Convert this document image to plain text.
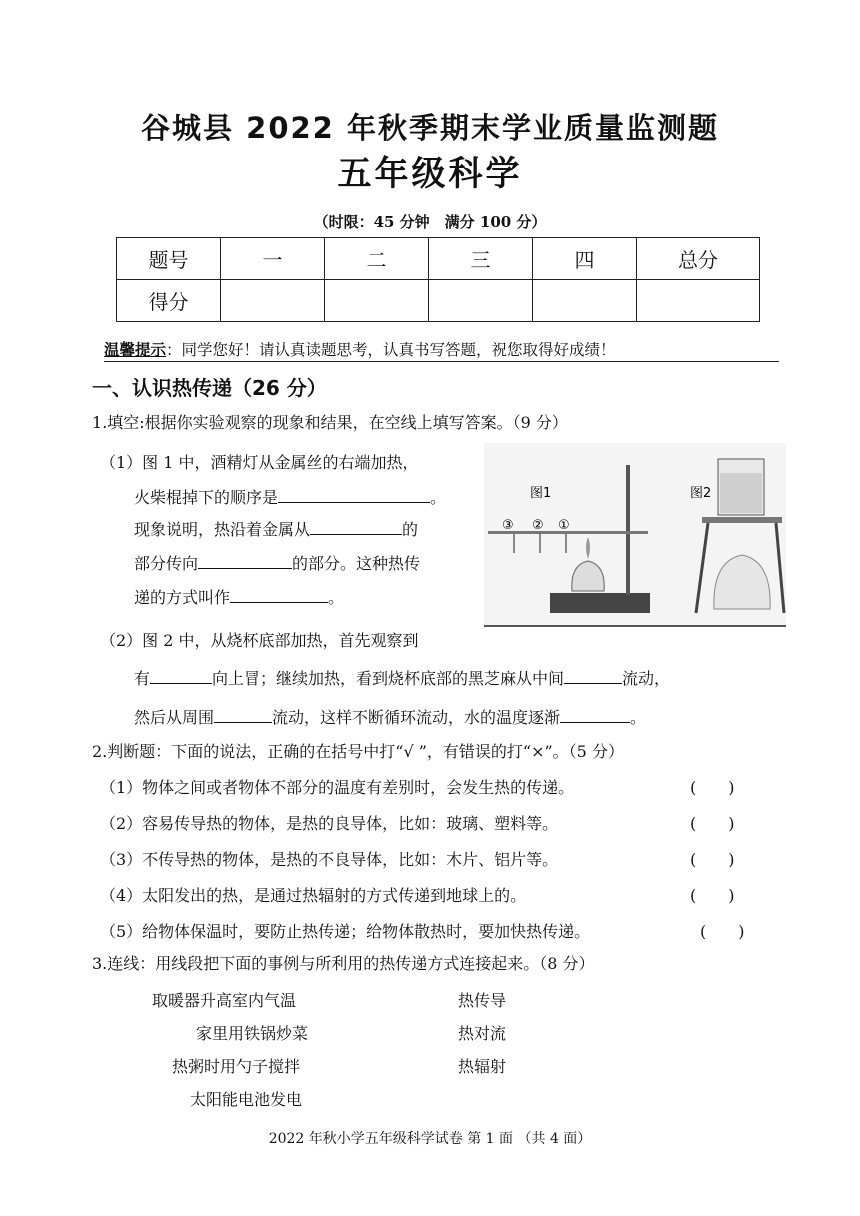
谷城县 2022 年秋季期末学业质量监测题
五年级科学
（时限：45 分钟　满分 100 分）
题号	一	二	三	四	总分
得分					
温馨提示：同学您好！请认真读题思考，认真书写答题，祝您取得好成绩！
一、认识热传递（26 分）
1.填空:根据你实验观察的现象和结果，在空线上填写答案。（9 分）
（1）图 1 中，酒精灯从金属丝的右端加热，
火柴棍掉下的顺序是	。
现象说明，热沿着金属从	的
部分传向	的部分。这种热传
递的方式叫作	。
图1
③ ② ①
图2
（2）图 2 中，从烧杯底部加热，首先观察到
有	向上冒；继续加热，看到烧杯底部的黑芝麻从中间	流动，
然后从周围	流动，这样不断循环流动，水的温度逐渐	。
2.判断题：下面的说法，正确的在括号中打“√ ”，有错误的打“×”。（5 分）
（1）物体之间或者物体不部分的温度有差别时，会发生热的传递。	(　　)
（2）容易传导热的物体，是热的良导体，比如：玻璃、塑料等。	(　　)
（3）不传导热的物体，是热的不良导体，比如：木片、铝片等。	(　　)
（4）太阳发出的热，是通过热辐射的方式传递到地球上的。	(　　)
（5）给物体保温时，要防止热传递；给物体散热时，要加快热传递。	(　　)
3.连线：用线段把下面的事例与所利用的热传递方式连接起来。（8 分）
取暖器升高室内气温
家里用铁锅炒菜
热粥时用勺子搅拌
太阳能电池发电
热传导
热对流
热辐射
2022 年秋小学五年级科学试卷 第 1 面 （共 4 面）
